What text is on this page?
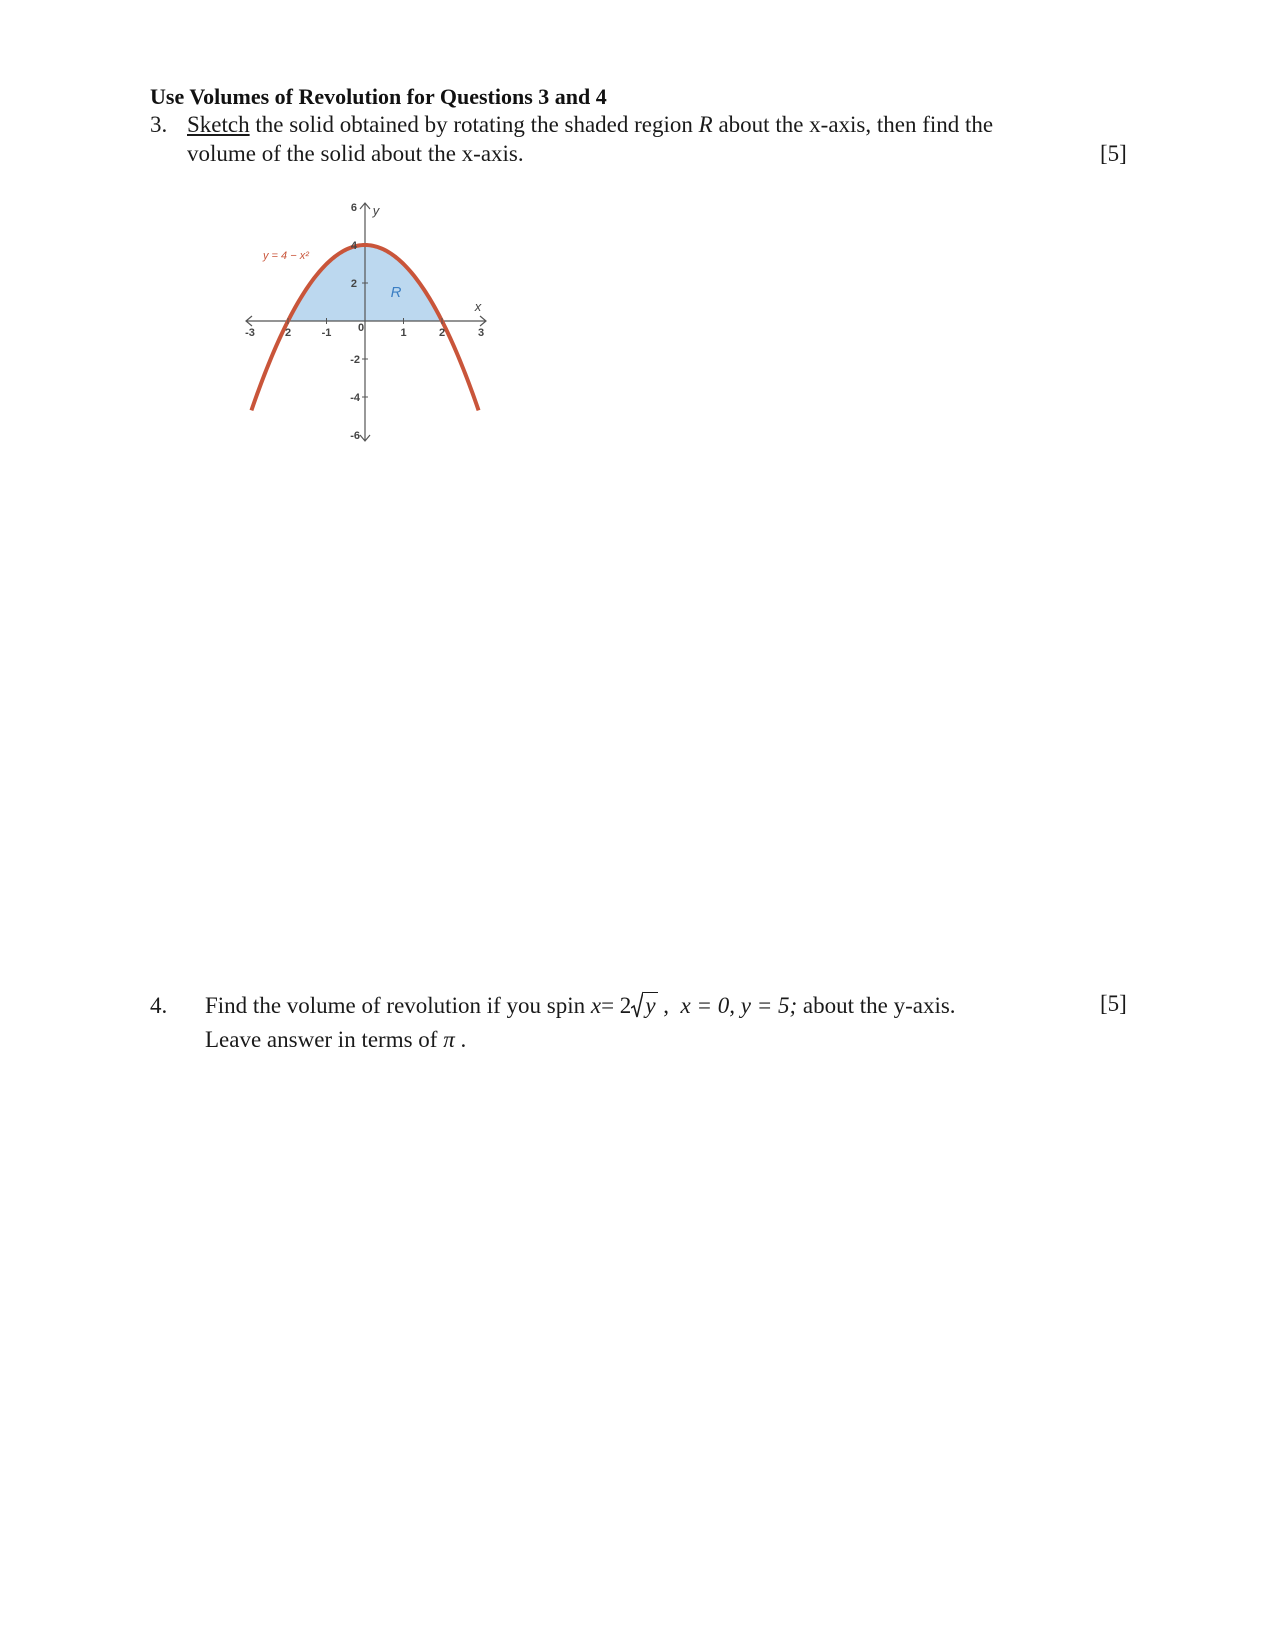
Use Volumes of Revolution for Questions 3 and 4
3. Sketch the solid obtained by rotating the shaded region R about the x-axis, then find the
volume of the solid about the x-axis.	[5]
-3	2	-1 0	1	2	3
6
4
2
-2
-4
-6
x
y
y = 4 − x²
R
4. Find the volume of revolution if you spin x= 2 y , x = 0, y = 5; about the y-axis.
Leave answer in terms of π .
[5]
